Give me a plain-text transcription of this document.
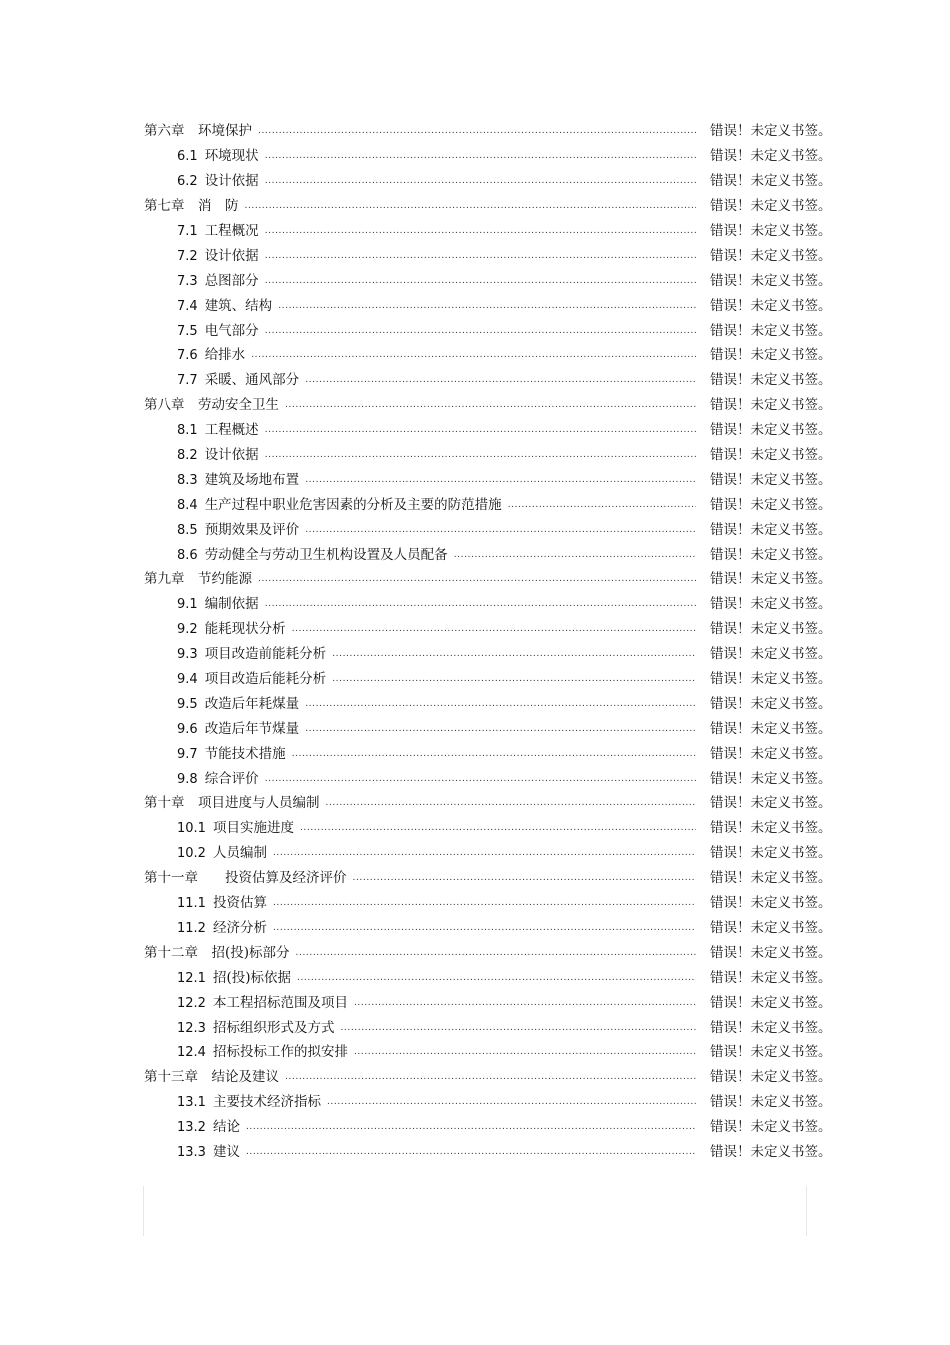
第六章　环境保护 .....	错误！未定义书签。
6.1 环境现状 .....	错误！未定义书签。
6.2 设计依据 .....	错误！未定义书签。
第七章　消　防 .....	错误！未定义书签。
7.1 工程概况 .....	错误！未定义书签。
7.2 设计依据 .....	错误！未定义书签。
7.3 总图部分 .....	错误！未定义书签。
7.4 建筑、结构 .....	错误！未定义书签。
7.5 电气部分 .....	错误！未定义书签。
7.6 给排水 .....	错误！未定义书签。
7.7 采暖、通风部分 .....	错误！未定义书签。
第八章　劳动安全卫生 .....	错误！未定义书签。
8.1 工程概述 .....	错误！未定义书签。
8.2 设计依据 .....	错误！未定义书签。
8.3 建筑及场地布置 .....	错误！未定义书签。
8.4 生产过程中职业危害因素的分析及主要的防范措施 .....	错误！未定义书签。
8.5 预期效果及评价 .....	错误！未定义书签。
8.6 劳动健全与劳动卫生机构设置及人员配备 .....	错误！未定义书签。
第九章　节约能源 .....	错误！未定义书签。
9.1 编制依据 .....	错误！未定义书签。
9.2 能耗现状分析 .....	错误！未定义书签。
9.3 项目改造前能耗分析 .....	错误！未定义书签。
9.4 项目改造后能耗分析 .....	错误！未定义书签。
9.5 改造后年耗煤量 .....	错误！未定义书签。
9.6 改造后年节煤量 .....	错误！未定义书签。
9.7 节能技术措施 .....	错误！未定义书签。
9.8 综合评价 .....	错误！未定义书签。
第十章　项目进度与人员编制 .....	错误！未定义书签。
10.1 项目实施进度 .....	错误！未定义书签。
10.2 人员编制 .....	错误！未定义书签。
第十一章　　投资估算及经济评价 .....	错误！未定义书签。
11.1 投资估算 .....	错误！未定义书签。
11.2 经济分析 .....	错误！未定义书签。
第十二章　招(投)标部分 .....	错误！未定义书签。
12.1 招(投)标依据 .....	错误！未定义书签。
12.2 本工程招标范围及项目 .....	错误！未定义书签。
12.3 招标组织形式及方式 .....	错误！未定义书签。
12.4 招标投标工作的拟安排 .....	错误！未定义书签。
第十三章　结论及建议 .....	错误！未定义书签。
13.1 主要技术经济指标 .....	错误！未定义书签。
13.2 结论 .....	错误！未定义书签。
13.3 建议 .....	错误！未定义书签。
